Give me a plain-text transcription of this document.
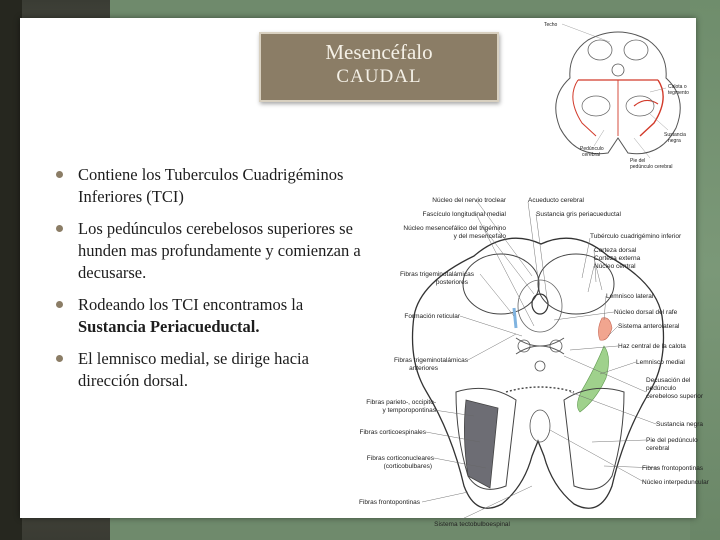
Mesencéfalo
CAUDAL
Contiene los Tuberculos Cuadrigéminos Inferiores (TCI)
Los pedúnculos cerebelosos superiores se hunden mas profundamente y comienzan a decusarse.
Rodeando los TCI encontramos la Sustancia Periacueductal.
El lemnisco medial, se dirige hacia dirección dorsal.
Techo
Calota o
tegmento
Sustancia
negra
Pedúnculo
cerebral
Pie del
pedúnculo cerebral
Núcleo del nervio troclear
Fascículo longitudinal medial
Núcleo mesencefálico del trigémino
y del mesencefalo
Fibras trigeminotalámicas
posteriores
Formación reticular
Fibras trigeminotalámicas
anteriores
Fibras parieto-, occipito-
y temporopontinas
Fibras corticoespinales
Fibras corticonucleares
(corticobulbares)
Fibras frontopontinas
Sistema tectobulboespinal
Acueducto cerebral
Sustancia gris periacueductal
Tubérculo cuadrigémino inferior
Corteza dorsal
Corteza externa
Núcleo central
Lemnisco lateral
Núcleo dorsal del rafe
Sistema anterolateral
Haz central de la calota
Lemnisco medial
Decusación del
pedúnculo
cerebeloso superior
Sustancia negra
Pie del pedúnculo
cerebral
Fibras frontopontinas
Núcleo interpeduncular
